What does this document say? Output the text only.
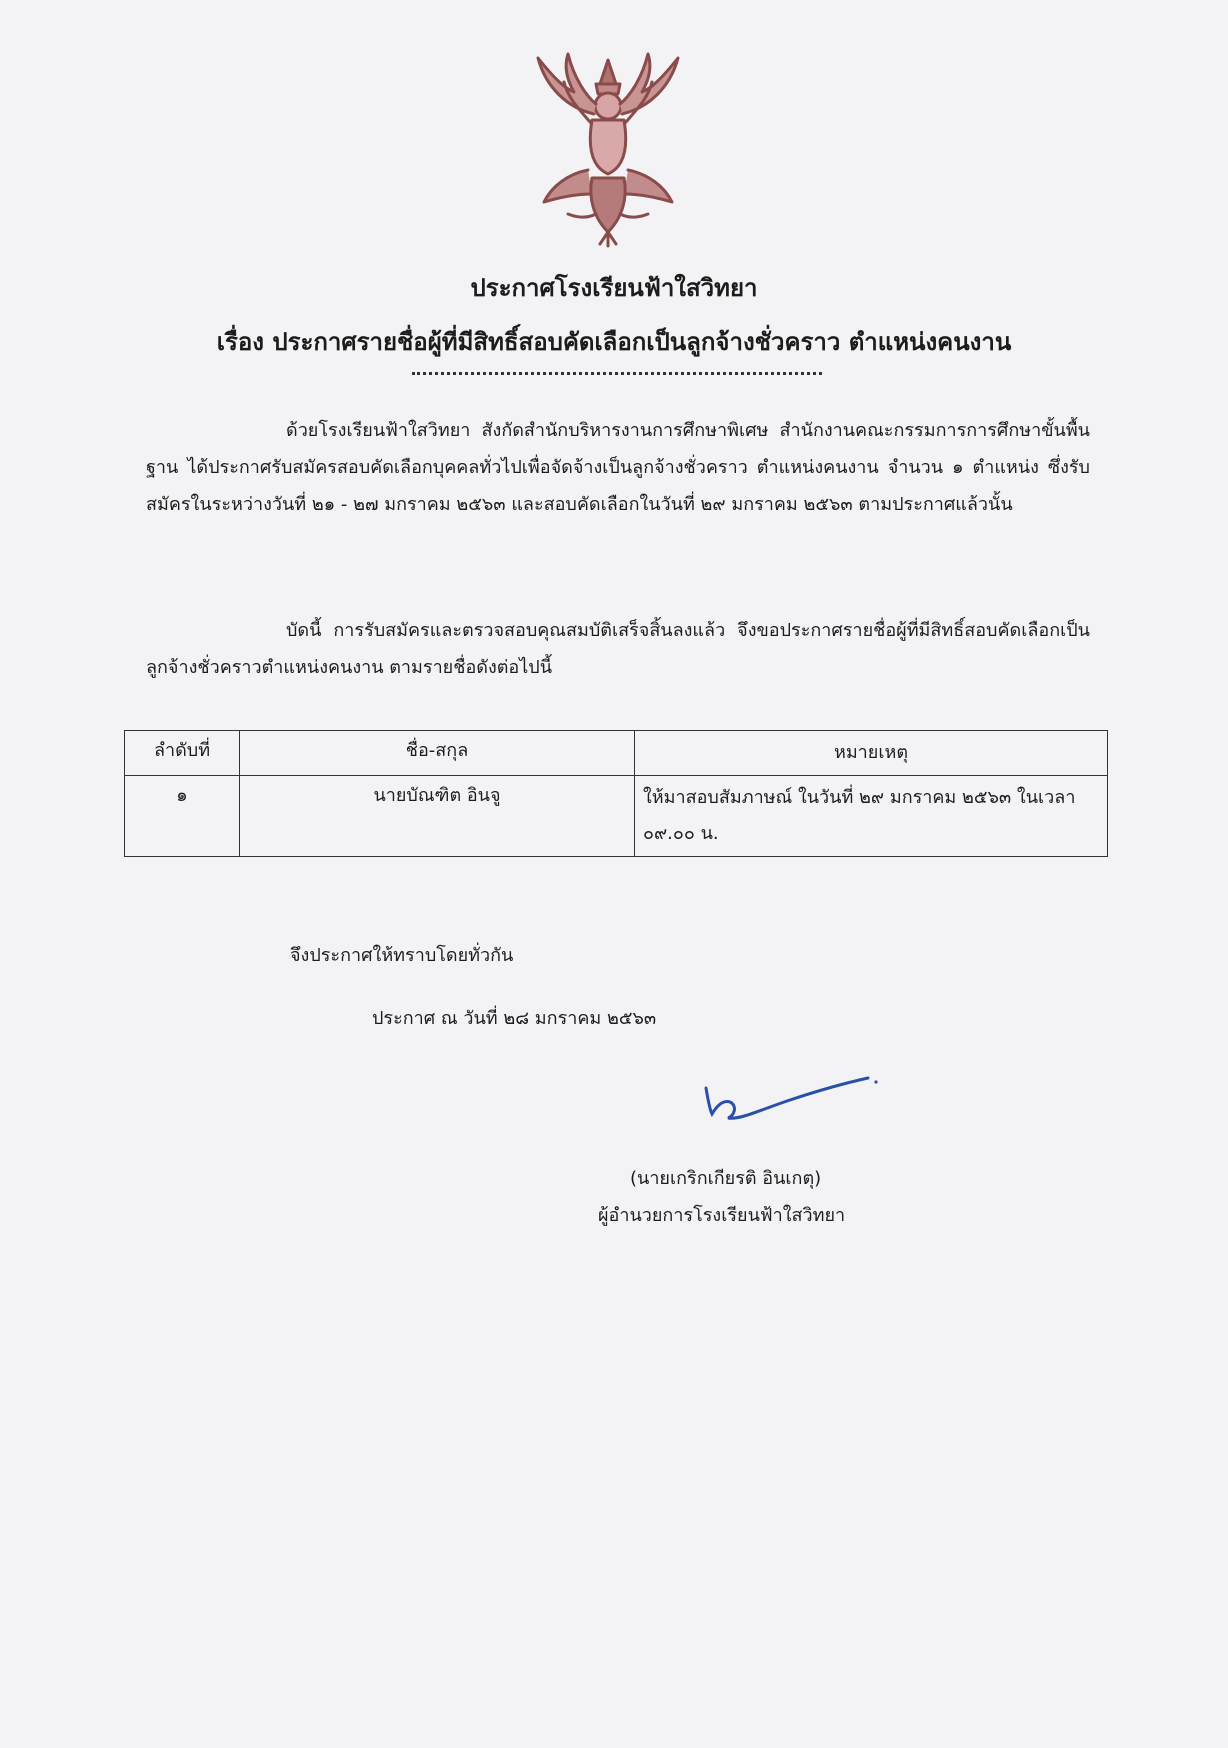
ประกาศโรงเรียนฟ้าใสวิทยา
เรื่อง ประกาศรายชื่อผู้ที่มีสิทธิ์สอบคัดเลือกเป็นลูกจ้างชั่วคราว ตำแหน่งคนงาน
ด้วยโรงเรียนฟ้าใสวิทยา สังกัดสำนักบริหารงานการศึกษาพิเศษ สำนักงานคณะกรรมการการศึกษาขั้นพื้นฐาน ได้ประกาศรับสมัครสอบคัดเลือกบุคคลทั่วไปเพื่อจัดจ้างเป็นลูกจ้างชั่วคราว ตำแหน่งคนงาน จำนวน ๑ ตำแหน่ง ซึ่งรับสมัครในระหว่างวันที่ ๒๑ - ๒๗ มกราคม ๒๕๖๓ และสอบคัดเลือกในวันที่ ๒๙ มกราคม ๒๕๖๓ ตามประกาศแล้วนั้น
บัดนี้ การรับสมัครและตรวจสอบคุณสมบัติเสร็จสิ้นลงแล้ว จึงขอประกาศรายชื่อผู้ที่มีสิทธิ์สอบคัดเลือกเป็นลูกจ้างชั่วคราวตำแหน่งคนงาน ตามรายชื่อดังต่อไปนี้
ลำดับที่	ชื่อ-สกุล	หมายเหตุ
๑	นายบัณฑิต อินจู	ให้มาสอบสัมภาษณ์ ในวันที่ ๒๙ มกราคม ๒๕๖๓ ในเวลา ๐๙.๐๐ น.
จึงประกาศให้ทราบโดยทั่วกัน
ประกาศ ณ วันที่ ๒๘ มกราคม ๒๕๖๓
(นายเกริกเกียรติ อินเกตุ)
ผู้อำนวยการโรงเรียนฟ้าใสวิทยา
